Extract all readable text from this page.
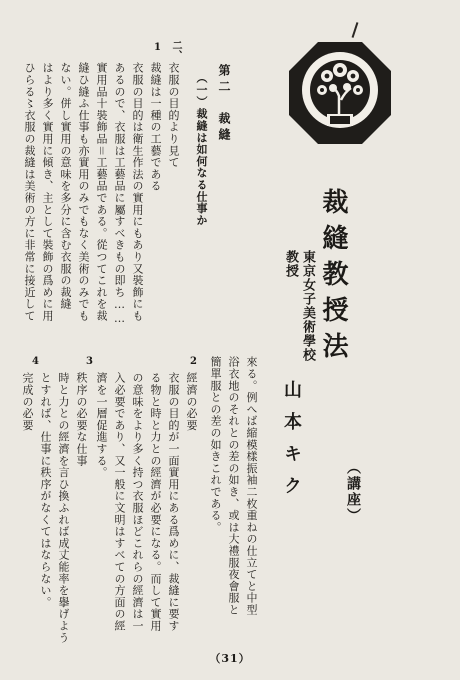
裁縫教授法
（講座）
東京女子美術學校
教授
山本キク
來る。例へば縮模樣振袖二枚重ねの仕立てと中型
浴衣地のそれとの差の如き、或は大禮服夜會服と
簡單服との差の如きこれである。
第二　裁縫
（一）
裁縫は如何なる仕事か
二、
1
衣服の目的より見て
裁縫は一種の工藝である
衣服の目的は衛生作法の實用にもあり又裝飾にも
あるので、衣服は工藝品に屬すべきもの即ち……
實用品十裝飾品＝工藝品である。從つてこれを裁
縫ひ縫ふ仕事も亦實用のみでもなく美術のみでも
ない。併し實用の意味を多分に含む衣服の裁縫
はより多く實用に傾き、主として裝飾の爲めに用
ひらる〻衣服の裁縫は美術の方に非常に接近して
2
經濟の必要
衣服の目的が一面實用にある爲めに、裁縫に要す
る物と時と力との經濟が必要になる。而して實用
の意味をより多く持つ衣服ほどこれらの經濟は一
入必要であり、又一般に文明はすべての方面の經
濟を一層促進する。
3
秩序の必要な仕事
時と力との經濟を言ひ換ふれば成丈能率を擧げよう
とすれば、仕事に秩序がなくてはならない。
4
完成の必要
（31）
